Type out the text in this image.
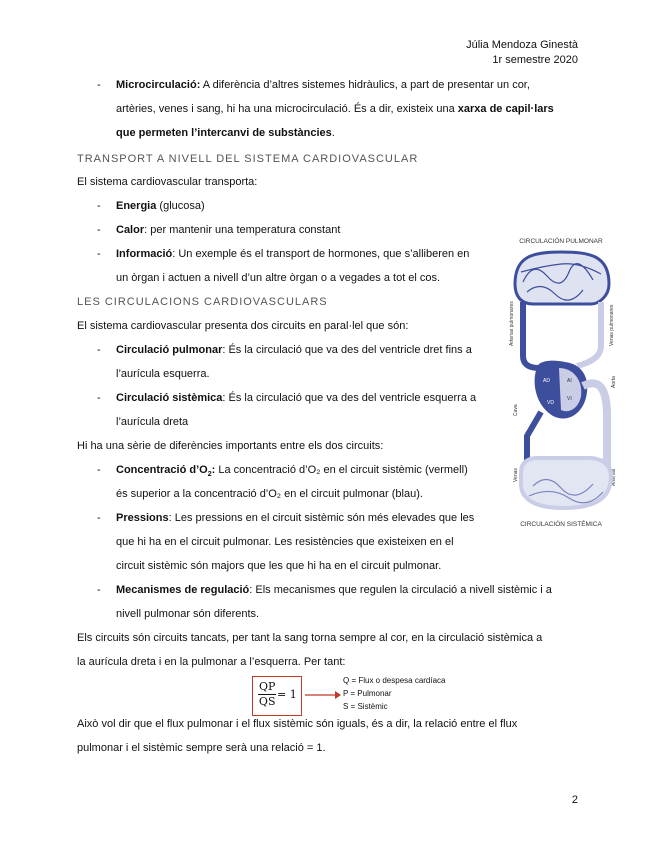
Júlia Mendoza Ginestà
1r semestre 2020
- Microcirculació: A diferència d’altres sistemes hidràulics, a part de presentar un cor,
artèries, venes i sang, hi ha una microcirculació. És a dir, existeix una xarxa de capil·lars
que permeten l’intercanvi de substàncies.
TRANSPORT A NIVELL DEL SISTEMA CARDIOVASCULAR
El sistema cardiovascular transporta:
- Energia (glucosa)
- Calor: per mantenir una temperatura constant
- Informació: Un exemple és el transport de hormones, que s’alliberen en
un òrgan i actuen a nivell d’un altre òrgan o a vegades a tot el cos.
LES CIRCULACIONS CARDIOVASCULARS
El sistema cardiovascular presenta dos circuits en paral·lel que són:
- Circulació pulmonar: És la circulació que va des del ventricle dret fins a
l’aurícula esquerra.
- Circulació sistèmica: És la circulació que va des del ventricle esquerra a
l’aurícula dreta
Hi ha una sèrie de diferències importants entre els dos circuits:
- Concentració $d’O_2$: La concentració d’O₂ en el circuit sistèmic (vermell)
és superior a la concentració d’O₂ en el circuit pulmonar (blau).
- Pressions: Les pressions en el circuit sistèmic són més elevades que les
que hi ha en el circuit pulmonar. Les resistències que existeixen en el
circuit sistèmic són majors que les que hi ha en el circuit pulmonar.
- Mecanismes de regulació: Els mecanismes que regulen la circulació a nivell sistèmic i a
nivell pulmonar són diferents.
Els circuits són circuits tancats, per tant la sang torna sempre al cor, en la circulació sistèmica a
la aurícula dreta i en la pulmonar a l’esquerra. Per tant:
$\frac{QP}{QS} = 1$
Q = Flux o despesa cardíaca
P = Pulmonar
S = Sistèmic
Això vol dir que el flux pulmonar i el flux sistèmic són iguals, és a dir, la relació entre el flux
pulmonar i el sistèmic sempre serà una relació = 1.
2
CIRCULACIÓN PULMONAR
Arterias pulmonares	Venas pulmonares
AD	AI
VD
VI
Aorta
Cava
Venas	Arterias
CIRCULACIÓN SISTÉMICA
